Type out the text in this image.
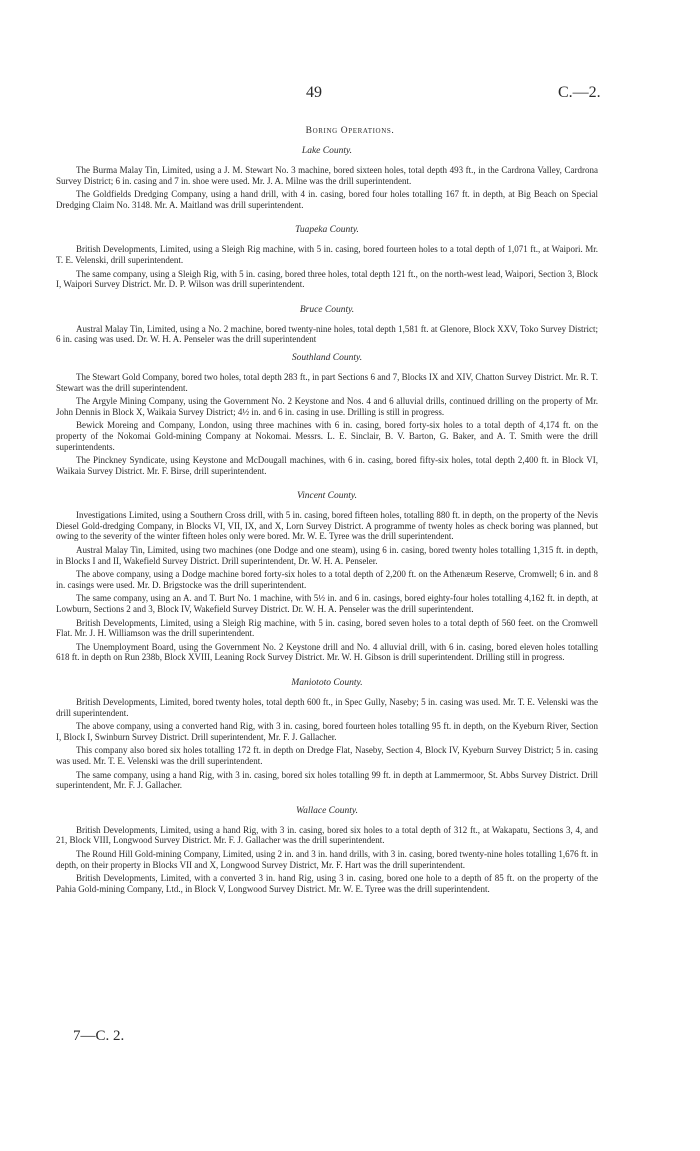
49	C.—2.
Boring Operations.
Lake County.

The Burma Malay Tin, Limited, using a J. M. Stewart No. 3 machine, bored sixteen holes, total depth 493 ft., in the Cardrona Valley, Cardrona Survey District; 6 in. casing and 7 in. shoe were used. Mr. J. A. Milne was the drill superintendent.

The Goldfields Dredging Company, using a hand drill, with 4 in. casing, bored four holes totalling 167 ft. in depth, at Big Beach on Special Dredging Claim No. 3148. Mr. A. Maitland was drill superintendent.

Tuapeka County.

British Developments, Limited, using a Sleigh Rig machine, with 5 in. casing, bored fourteen holes to a total depth of 1,071 ft., at Waipori. Mr. T. E. Velenski, drill superintendent.

The same company, using a Sleigh Rig, with 5 in. casing, bored three holes, total depth 121 ft., on the north-west lead, Waipori, Section 3, Block I, Waipori Survey District. Mr. D. P. Wilson was drill superintendent.

Bruce County.

Austral Malay Tin, Limited, using a No. 2 machine, bored twenty-nine holes, total depth 1,581 ft. at Glenore, Block XXV, Toko Survey District; 6 in. casing was used. Dr. W. H. A. Penseler was the drill superintendent

Southland County.

The Stewart Gold Company, bored two holes, total depth 283 ft., in part Sections 6 and 7, Blocks IX and XIV, Chatton Survey District. Mr. R. T. Stewart was the drill superintendent.

The Argyle Mining Company, using the Government No. 2 Keystone and Nos. 4 and 6 alluvial drills, continued drilling on the property of Mr. John Dennis in Block X, Waikaia Survey District; 4½ in. and 6 in. casing in use. Drilling is still in progress.

Bewick Moreing and Company, London, using three machines with 6 in. casing, bored forty-six holes to a total depth of 4,174 ft. on the property of the Nokomai Gold-mining Company at Nokomai. Messrs. L. E. Sinclair, B. V. Barton, G. Baker, and A. T. Smith were the drill superintendents.

The Pinckney Syndicate, using Keystone and McDougall machines, with 6 in. casing, bored fifty-six holes, total depth 2,400 ft. in Block VI, Waikaia Survey District. Mr. F. Birse, drill superintendent.

Vincent County.

Investigations Limited, using a Southern Cross drill, with 5 in. casing, bored fifteen holes, totalling 880 ft. in depth, on the property of the Nevis Diesel Gold-dredging Company, in Blocks VI, VII, IX, and X, Lorn Survey District. A programme of twenty holes as check boring was planned, but owing to the severity of the winter fifteen holes only were bored. Mr. W. E. Tyree was the drill superintendent.

Austral Malay Tin, Limited, using two machines (one Dodge and one steam), using 6 in. casing, bored twenty holes totalling 1,315 ft. in depth, in Blocks I and II, Wakefield Survey District. Drill superintendent, Dr. W. H. A. Penseler.

The above company, using a Dodge machine bored forty-six holes to a total depth of 2,200 ft. on the Athenæum Reserve, Cromwell; 6 in. and 8 in. casings were used. Mr. D. Brigstocke was the drill superintendent.

The same company, using an A. and T. Burt No. 1 machine, with 5½ in. and 6 in. casings, bored eighty-four holes totalling 4,162 ft. in depth, at Lowburn, Sections 2 and 3, Block IV, Wakefield Survey District. Dr. W. H. A. Penseler was the drill superintendent.

British Developments, Limited, using a Sleigh Rig machine, with 5 in. casing, bored seven holes to a total depth of 560 feet. on the Cromwell Flat. Mr. J. H. Williamson was the drill superintendent.

The Unemployment Board, using the Government No. 2 Keystone drill and No. 4 alluvial drill, with 6 in. casing, bored eleven holes totalling 618 ft. in depth on Run 238b, Block XVIII, Leaning Rock Survey District. Mr. W. H. Gibson is drill superintendent. Drilling still in progress.

Maniototo County.

British Developments, Limited, bored twenty holes, total depth 600 ft., in Spec Gully, Naseby; 5 in. casing was used. Mr. T. E. Velenski was the drill superintendent.

The above company, using a converted hand Rig, with 3 in. casing, bored fourteen holes totalling 95 ft. in depth, on the Kyeburn River, Section I, Block I, Swinburn Survey District. Drill superintendent, Mr. F. J. Gallacher.

This company also bored six holes totalling 172 ft. in depth on Dredge Flat, Naseby, Section 4, Block IV, Kyeburn Survey District; 5 in. casing was used. Mr. T. E. Velenski was the drill superintendent.

The same company, using a hand Rig, with 3 in. casing, bored six holes totalling 99 ft. in depth at Lammermoor, St. Abbs Survey District. Drill superintendent, Mr. F. J. Gallacher.

Wallace County.

British Developments, Limited, using a hand Rig, with 3 in. casing, bored six holes to a total depth of 312 ft., at Wakapatu, Sections 3, 4, and 21, Block VIII, Longwood Survey District. Mr. F. J. Gallacher was the drill superintendent.

The Round Hill Gold-mining Company, Limited, using 2 in. and 3 in. hand drills, with 3 in. casing, bored twenty-nine holes totalling 1,676 ft. in depth, on their property in Blocks VII and X, Longwood Survey District, Mr. F. Hart was the drill superintendent.

British Developments, Limited, with a converted 3 in. hand Rig, using 3 in. casing, bored one hole to a depth of 85 ft. on the property of the Pahia Gold-mining Company, Ltd., in Block V, Longwood Survey District. Mr. W. E. Tyree was the drill superintendent.

7—C. 2.
